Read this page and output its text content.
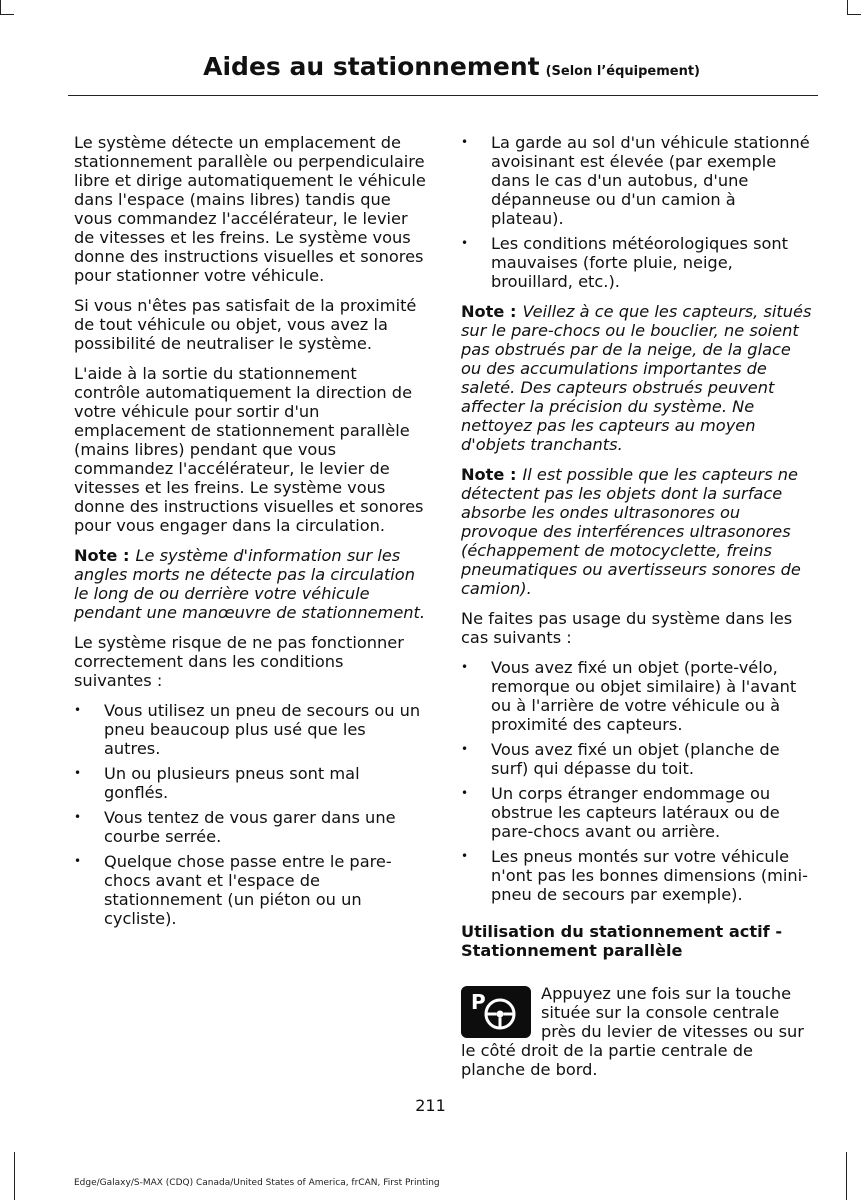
Aides au stationnement (Selon l’équipement)

Le système détecte un emplacement de stationnement parallèle ou perpendiculaire libre et dirige automatiquement le véhicule dans l'espace (mains libres) tandis que vous commandez l'accélérateur, le levier de vitesses et les freins. Le système vous donne des instructions visuelles et sonores pour stationner votre véhicule.

Si vous n'êtes pas satisfait de la proximité de tout véhicule ou objet, vous avez la possibilité de neutraliser le système.

L'aide à la sortie du stationnement contrôle automatiquement la direction de votre véhicule pour sortir d'un emplacement de stationnement parallèle (mains libres) pendant que vous commandez l'accélérateur, le levier de vitesses et les freins. Le système vous donne des instructions visuelles et sonores pour vous engager dans la circulation.

Note : Le système d'information sur les angles morts ne détecte pas la circulation le long de ou derrière votre véhicule pendant une manœuvre de stationnement.

Le système risque de ne pas fonctionner correctement dans les conditions suivantes :

• Vous utilisez un pneu de secours ou un pneu beaucoup plus usé que les autres.
• Un ou plusieurs pneus sont mal gonflés.
• Vous tentez de vous garer dans une courbe serrée.
• Quelque chose passe entre le pare-chocs avant et l'espace de stationnement (un piéton ou un cycliste).
• La garde au sol d'un véhicule stationné avoisinant est élevée (par exemple dans le cas d'un autobus, d'une dépanneuse ou d'un camion à plateau).
• Les conditions météorologiques sont mauvaises (forte pluie, neige, brouillard, etc.).

Note : Veillez à ce que les capteurs, situés sur le pare-chocs ou le bouclier, ne soient pas obstrués par de la neige, de la glace ou des accumulations importantes de saleté. Des capteurs obstrués peuvent affecter la précision du système. Ne nettoyez pas les capteurs au moyen d'objets tranchants.

Note : Il est possible que les capteurs ne détectent pas les objets dont la surface absorbe les ondes ultrasonores ou provoque des interférences ultrasonores (échappement de motocyclette, freins pneumatiques ou avertisseurs sonores de camion).

Ne faites pas usage du système dans les cas suivants :

• Vous avez fixé un objet (porte-vélo, remorque ou objet similaire) à l'avant ou à l'arrière de votre véhicule ou à proximité des capteurs.
• Vous avez fixé un objet (planche de surf) qui dépasse du toit.
• Un corps étranger endommage ou obstrue les capteurs latéraux ou de pare-chocs avant ou arrière.
• Les pneus montés sur votre véhicule n'ont pas les bonnes dimensions (mini-pneu de secours par exemple).
Utilisation du stationnement actif - Stationnement parallèle
P	Appuyez une fois sur la touche située sur la console centrale près du levier de vitesses ou sur le côté droit de la partie centrale de planche de bord.
211
Edge/Galaxy/S-MAX (CDQ) Canada/United States of America, frCAN, First Printing
